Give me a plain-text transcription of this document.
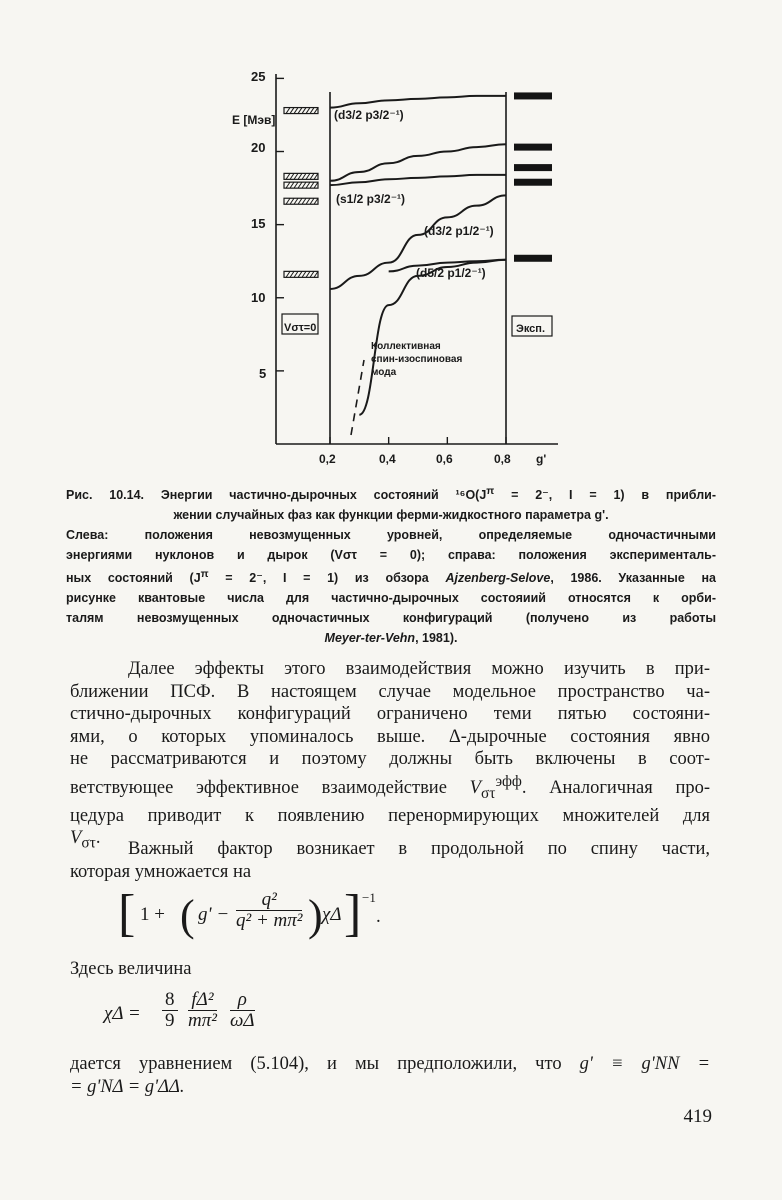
25
20
15
10
5
E [Мэв]
0,2	0,4	0,6	0,8 g'
Vστ=0	Эксп.
(d3/2 p3/2⁻¹)
(s1/2 p3/2⁻¹)
(d3/2 p1/2⁻¹)
(d5/2 p1/2⁻¹)
Коллективная
спин-изоспиновая
мода
Рис. 10.14. Энергии частично-дырочных состояний $^{16}O(J^\pi = 2^-$, I = 1) в прибли-
жении случайных фаз как функции ферми-жидкостного параметра g'.
Слева: положения невозмущенных уровней, определяемые одночастичными
энергиями нуклонов и дырок (Vστ = 0); справа: положения эксперименталь-
ных состояний ($J^\pi = 2^-$, I = 1) из обзора Ajzenberg-Selove, 1986. Указанные на
рисунке квантовые числа для частично-дырочных состояиий относятся к орби-
талям невозмущенных одночастичных конфигураций (получено из работы
Meyer-ter-Vehn, 1981).
Далее эффекты этого взаимодействия можно изучить в при-
ближении ПСФ. В настоящем случае модельное пространство ча-
стично-дырочных конфигураций ограничено теми пятью состояни-
ями, о которых упоминалось выше. Δ-дырочные состояния явно
не рассматриваются и поэтому должны быть включены в соот-
ветствующее эффективное взаимодействие $V_{\sigma\tau}^{эфф}$. Аналогичная про-
цедура приводит к появлению перенормирующих множителей для
$V_{\sigma\tau}$.
Важный фактор возникает в продольной по спину части,
которая умножается на
[ 1 + ( $g' - \frac{\text{q²}}{\text{q² + mπ²}}$ ) χΔ ] −1
.
Здесь величина
$\chi\Delta = \frac{8}{9} \frac{\text{fΔ²}}{\text{mπ²}} \frac{\rho}{\omega\Delta}$
дается уравнением (5.104), и мы предположили, что g' ≡ g'NN =
= g'NΔ = g'ΔΔ.
419
